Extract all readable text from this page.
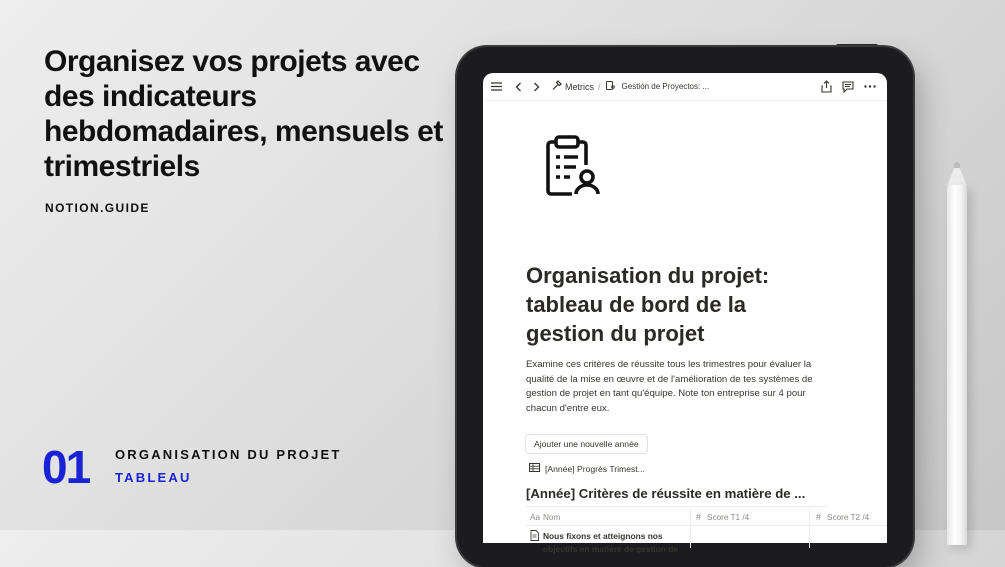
Organisez vos projets avec des indicateurs hebdomadaires, mensuels et trimestriels
NOTION.GUIDE
01 ORGANISATION DU PROJET
TABLEAU
Metrics /	Gestión de Proyectos: ...
Organisation du projet: tableau de bord de la gestion du projet
Examine ces critères de réussite tous les trimestres pour évaluer la qualité de la mise en œuvre et de l'amélioration de tes systèmes de gestion de projet en tant qu'équipe. Note ton entreprise sur 4 pour chacun d'entre eux.
Ajouter une nouvelle année
[Année] Progrès Trimest...
[Année] Critères de réussite en matière de ...
Aa Nom	# Score T1 /4	# Score T2 /4
Nous fixons et atteignons nos objectifs en matière de gestion de
